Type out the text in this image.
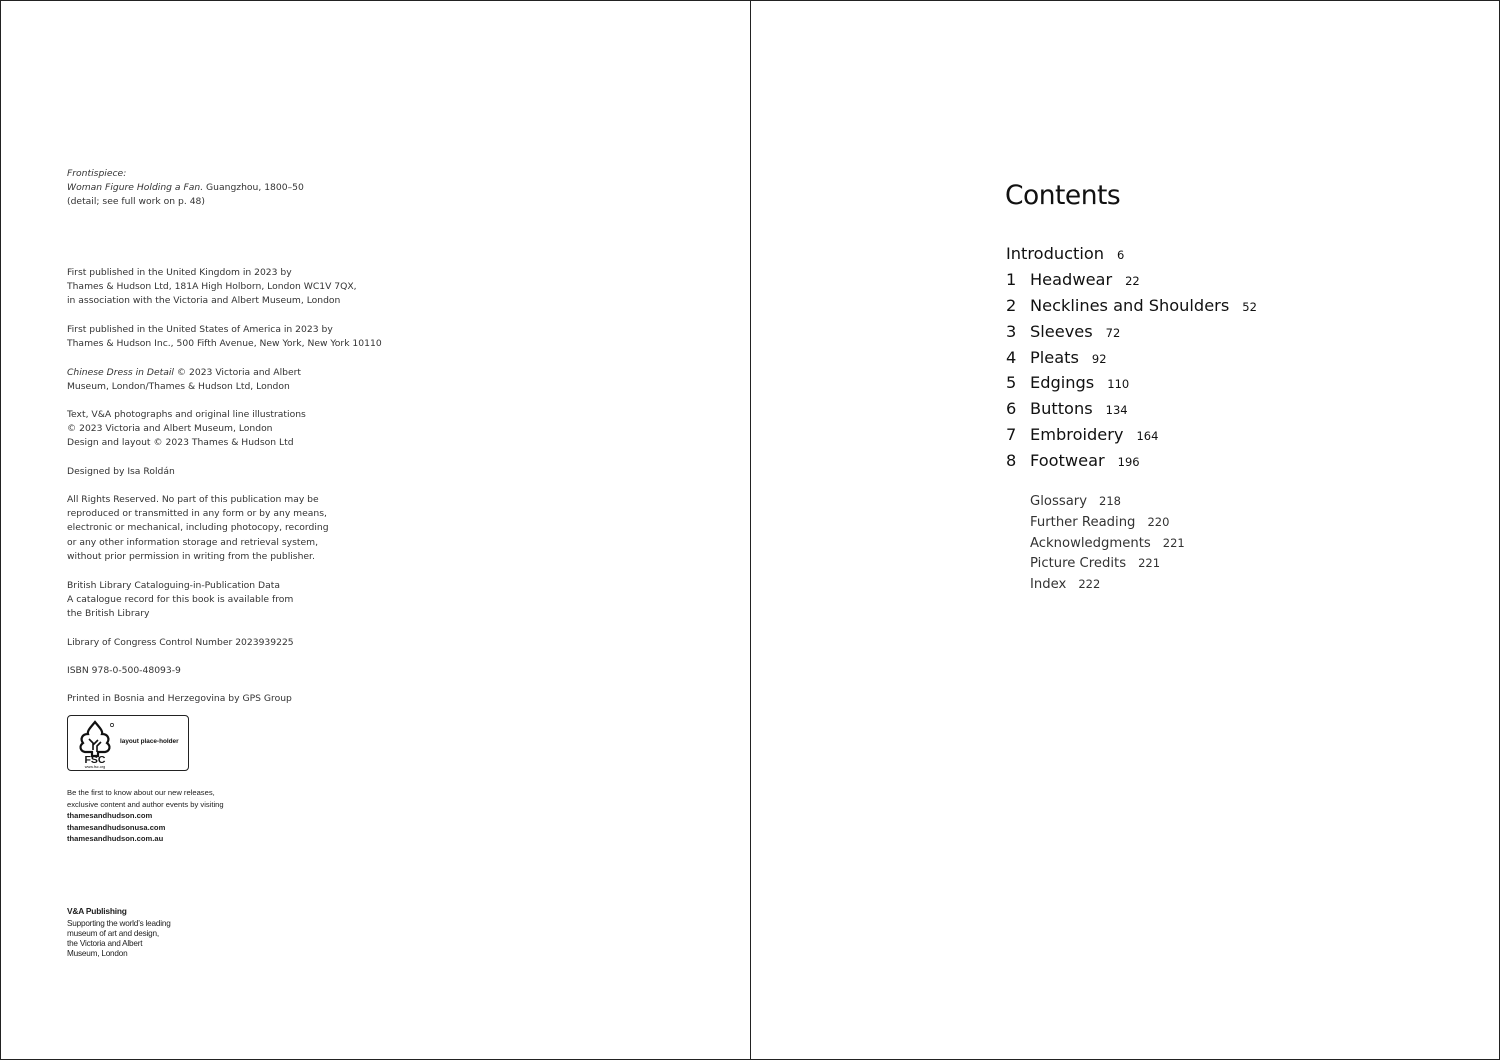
Frontispiece:

Woman Figure Holding a Fan. Guangzhou, 1800–50

(detail; see full work on p. 48)

First published in the United Kingdom in 2023 by
Thames & Hudson Ltd, 181A High Holborn, London WC1V 7QX,
in association with the Victoria and Albert Museum, London

First published in the United States of America in 2023 by
Thames & Hudson Inc., 500 Fifth Avenue, New York, New York 10110

Chinese Dress in Detail © 2023 Victoria and Albert
Museum, London/Thames & Hudson Ltd, London

Text, V&A photographs and original line illustrations
© 2023 Victoria and Albert Museum, London
Design and layout © 2023 Thames & Hudson Ltd

Designed by Isa Roldán

All Rights Reserved. No part of this publication may be
reproduced or transmitted in any form or by any means,
electronic or mechanical, including photocopy, recording
or any other information storage and retrieval system,
without prior permission in writing from the publisher.

British Library Cataloguing-in-Publication Data
A catalogue record for this book is available from
the British Library

Library of Congress Control Number 2023939225

ISBN 978-0-500-48093-9

Printed in Bosnia and Herzegovina by GPS Group

FSC
www.fsc.org
layout place-holder

Be the first to know about our new releases,

exclusive content and author events by visiting

thamesandhudson.com

thamesandhudsonusa.com

thamesandhudson.com.au

V&A Publishing

Supporting the world’s leading
museum of art and design,
the Victoria and Albert
Museum, London

Contents
Introduction 6
1 Headwear 22
2 Necklines and Shoulders 52
3 Sleeves 72
4 Pleats 92
5 Edgings 110
6 Buttons 134
7 Embroidery 164
8 Footwear 196
Glossary 218
Further Reading 220
Acknowledgments 221
Picture Credits 221
Index 222
